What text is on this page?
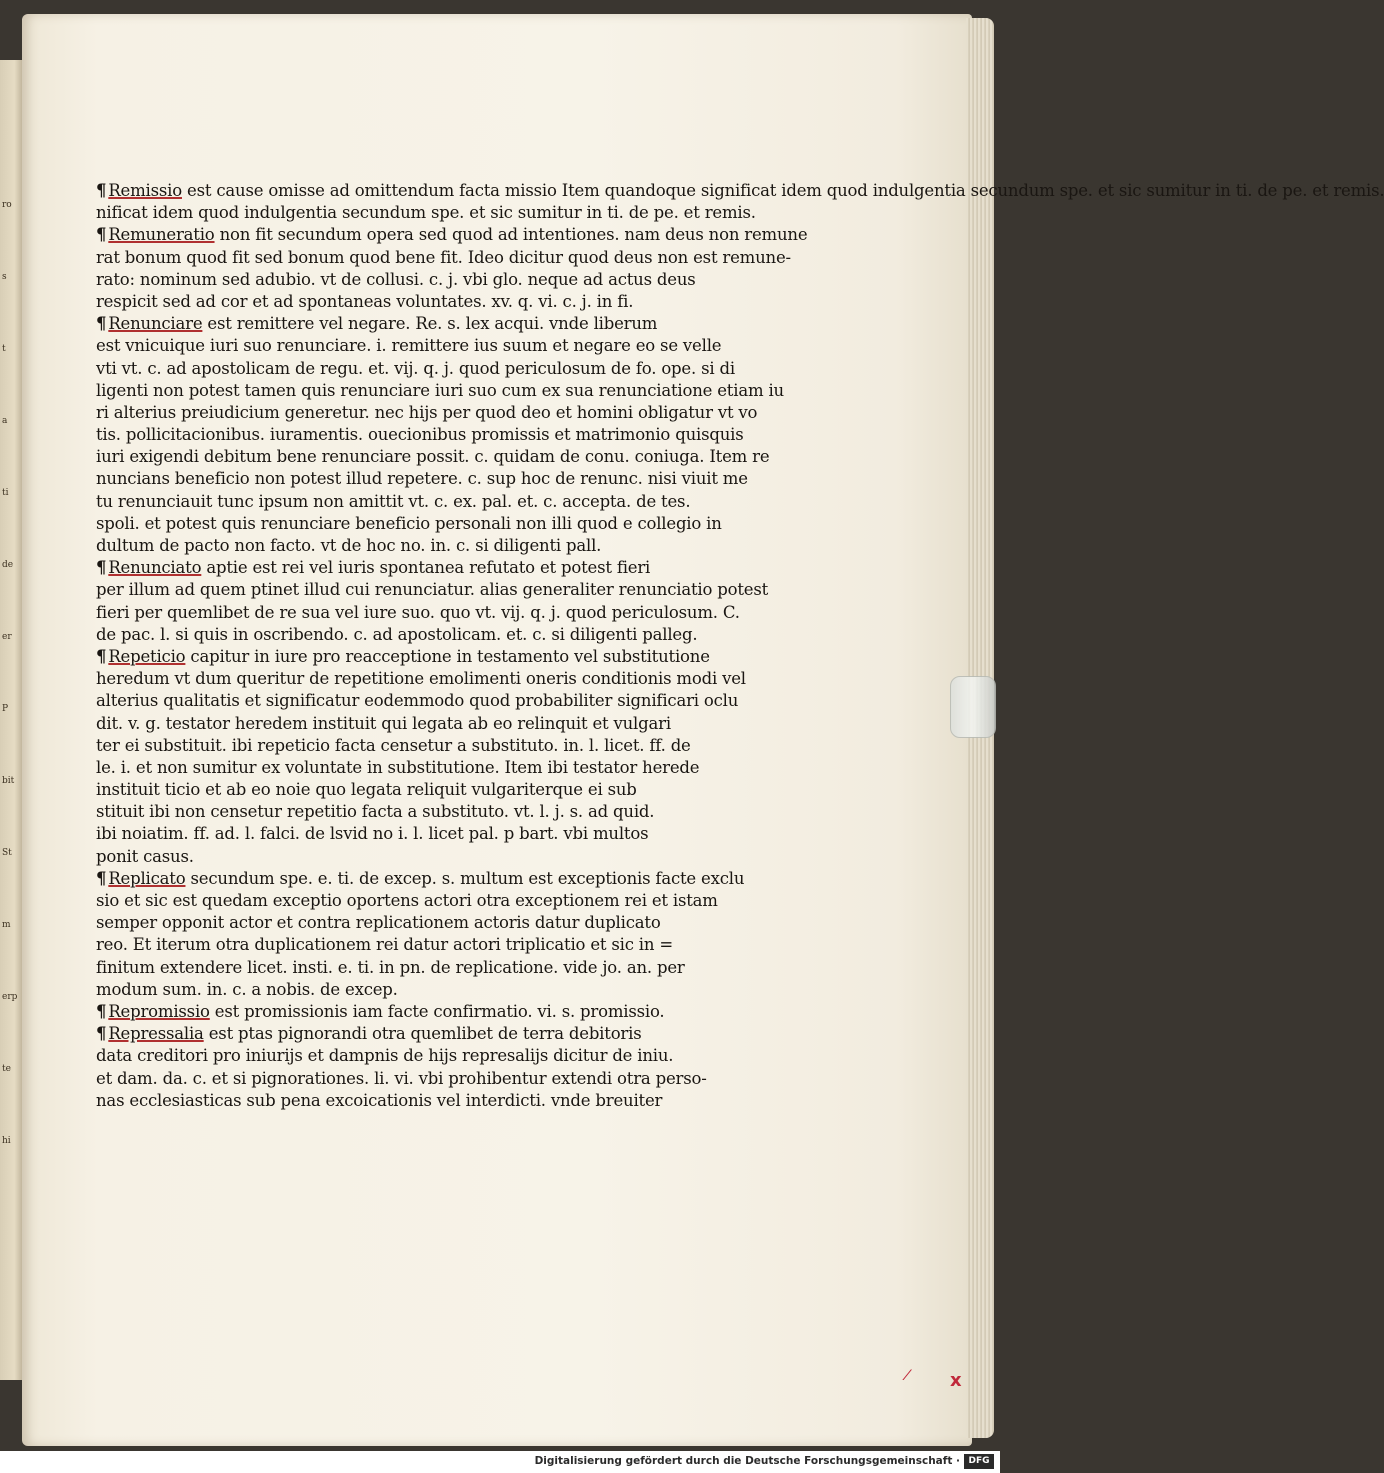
ro
s
t
a
ti
de
er
P
bit
St
m
erp
te
hi
¶ Remissio est cause omisse ad omittendum facta missio Item quandoque significat idem quod indulgentia secundum spe. et sic sumitur in ti. de pe. et remis.
nificat idem quod indulgentia secundum spe. et sic sumitur in ti. de pe. et remis.
¶ Remuneratio non fit secundum opera sed quod ad intentiones. nam deus non remune
rat bonum quod fit sed bonum quod bene fit. Ideo dicitur quod deus non est remune-
rato: nominum sed adubio. vt de collusi. c. j. vbi glo. neque ad actus deus
respicit sed ad cor et ad spontaneas voluntates. xv. q. vi. c. j. in fi.
¶ Renunciare est remittere vel negare. Re. s. lex acqui. vnde liberum
est vnicuique iuri suo renunciare. i. remittere ius suum et negare eo se velle
vti vt. c. ad apostolicam de regu. et. vij. q. j. quod periculosum de fo. ope. si di
ligenti non potest tamen quis renunciare iuri suo cum ex sua renunciatione etiam iu
ri alterius preiudicium generetur. nec hijs per quod deo et homini obligatur vt vo
tis. pollicitacionibus. iuramentis. ouecionibus promissis et matrimonio quisquis
iuri exigendi debitum bene renunciare possit. c. quidam de conu. coniuga. Item re
nuncians beneficio non potest illud repetere. c. sup hoc de renunc. nisi viuit me
tu renunciauit tunc ipsum non amittit vt. c. ex. pal. et. c. accepta. de tes.
spoli. et potest quis renunciare beneficio personali non illi quod e collegio in
dultum de pacto non facto. vt de hoc no. in. c. si diligenti pall.
¶ Renunciato aptie est rei vel iuris spontanea refutato et potest fieri
per illum ad quem ptinet illud cui renunciatur. alias generaliter renunciatio potest
fieri per quemlibet de re sua vel iure suo. quo vt. vij. q. j. quod periculosum. C.
de pac. l. si quis in oscribendo. c. ad apostolicam. et. c. si diligenti palleg.
¶ Repeticio capitur in iure pro reacceptione in testamento vel substitutione
heredum vt dum queritur de repetitione emolimenti oneris conditionis modi vel
alterius qualitatis et significatur eodemmodo quod probabiliter significari oclu
dit. v. g. testator heredem instituit qui legata ab eo relinquit et vulgari
ter ei substituit. ibi repeticio facta censetur a substituto. in. l. licet. ff. de
le. i. et non sumitur ex voluntate in substitutione. Item ibi testator herede
instituit ticio et ab eo noie quo legata reliquit vulgariterque ei sub
stituit ibi non censetur repetitio facta a substituto. vt. l. j. s. ad quid.
ibi noiatim. ff. ad. l. falci. de lsvid no i. l. licet pal. p bart. vbi multos
ponit casus.
¶ Replicato secundum spe. e. ti. de excep. s. multum est exceptionis facte exclu
sio et sic est quedam exceptio oportens actori otra exceptionem rei et istam
semper opponit actor et contra replicationem actoris datur duplicato
reo. Et iterum otra duplicationem rei datur actori triplicatio et sic in =
finitum extendere licet. insti. e. ti. in pn. de replicatione. vide jo. an. per
modum sum. in. c. a nobis. de excep.
¶ Repromissio est promissionis iam facte confirmatio. vi. s. promissio.
¶ Repressalia est ptas pignorandi otra quemlibet de terra debitoris
data creditori pro iniurijs et dampnis de hijs represalijs dicitur de iniu.
et dam. da. c. et si pignorationes. li. vi. vbi prohibentur extendi otra perso-
nas ecclesiasticas sub pena excoicationis vel interdicti. vnde breuiter
⁄ x
Digitalisierung gefördert durch die Deutsche Forschungsgemeinschaft · DFG
